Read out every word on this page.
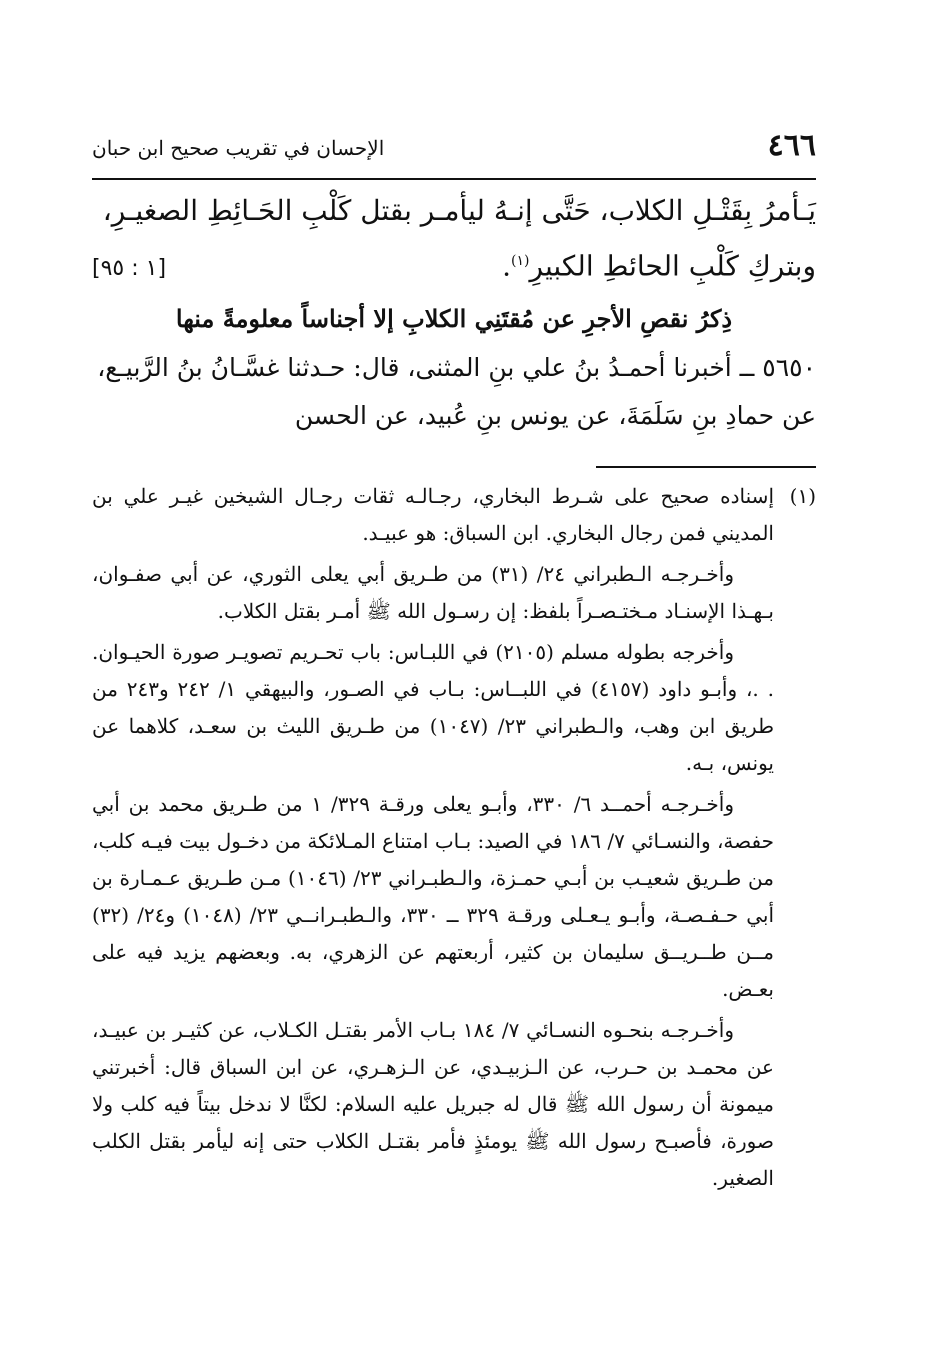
٤٦٦
الإحسان في تقريب صحيح ابن حبان

يَـأمرُ بِقَتْـلِ الكلاب، حَتَّى إنـهُ ليأمـر بقتل كَلْبِ الحَـائِطِ الصغيـرِ،

وبتركِ كَلْبِ الحائطِ الكبيرِ$^{(١)}$.
[١ : ٩٥]

ذِكرُ نقصِ الأجرِ عن مُقتَنِي الكلابِ إلا أجناساً معلومةً منها

٥٦٥٠ ــ أخبرنا أحمـدُ بنُ علي بنِ المثنى، قال: حـدثنا غسَّـانُ بنُ الرَّبيـع،

عن حمادِ بنِ سَلَمَةَ، عن يونس بنِ عُبيد، عن الحسن

(١)

إسناده صحيح على شـرط البخاري، رجـالـه ثقات رجـال الشيخين غيـر علي بن المديني فمن رجال البخاري. ابن السباق: هو عبيـد.

وأخـرجـه الـطبراني ٢٤/ (٣١) من طـريق أبي يعلى الثوري، عن أبي صفـوان، بـهـذا الإسنـاد مـختـصـراً بلفظ: إن رسـول الله ﷺ أمـر بقتل الكلاب.

وأخرجه بطوله مسلم (٢١٠٥) في اللبـاس: باب تحـريم تصويـر صورة الحيـوان. . .، وأبـو داود (٤١٥٧) في اللبــاس: بـاب في الصـور، والبيهقي ١/ ٢٤٢ و٢٤٣ من طريق ابن وهب، والـطبراني ٢٣/ (١٠٤٧) من طـريق الليث بن سعـد، كلاهما عن يونس، بـه.

وأخـرجـه أحمــد ٦/ ٣٣٠، وأبـو يعلى ورقـة ٣٢٩/ ١ من طـريق محمد بن أبي حفصة، والنسـائي ٧/ ١٨٦ في الصيد: بـاب امتناع المـلائكة من دخـول بيت فيـه كلب، من طـريق شعيـب بن أبـي حمـزة، والـطبـراني ٢٣/ (١٠٤٦) مـن طـريق عـمـارة بن أبي حـفـصـة، وأبـو يـعـلى ورقـة ٣٢٩ ــ ٣٣٠، والـطبـرانــي ٢٣/ (١٠٤٨) و٢٤/ (٣٢) مــن طــريــق سليمان بن كثير، أربعتهم عن الزهري، به. وبعضهم يزيد فيه على بعـض.

وأخـرجـه بنحـوه النسـائي ٧/ ١٨٤ بـاب الأمر بقتـل الكـلاب، عن كثيـر بن عبيـد، عن محمـد بن حـرب، عن الـزبيـدي، عن الـزهـري، عن ابن السباق قال: أخبرتني ميمونة أن رسول الله ﷺ قال له جبريل عليه السلام: لكنَّا لا ندخل بيتاً فيه كلب ولا صورة، فأصبـح رسول الله ﷺ يومئذٍ فأمر بقتـل الكلاب حتى إنه ليأمر بقتل الكلب الصغير.
